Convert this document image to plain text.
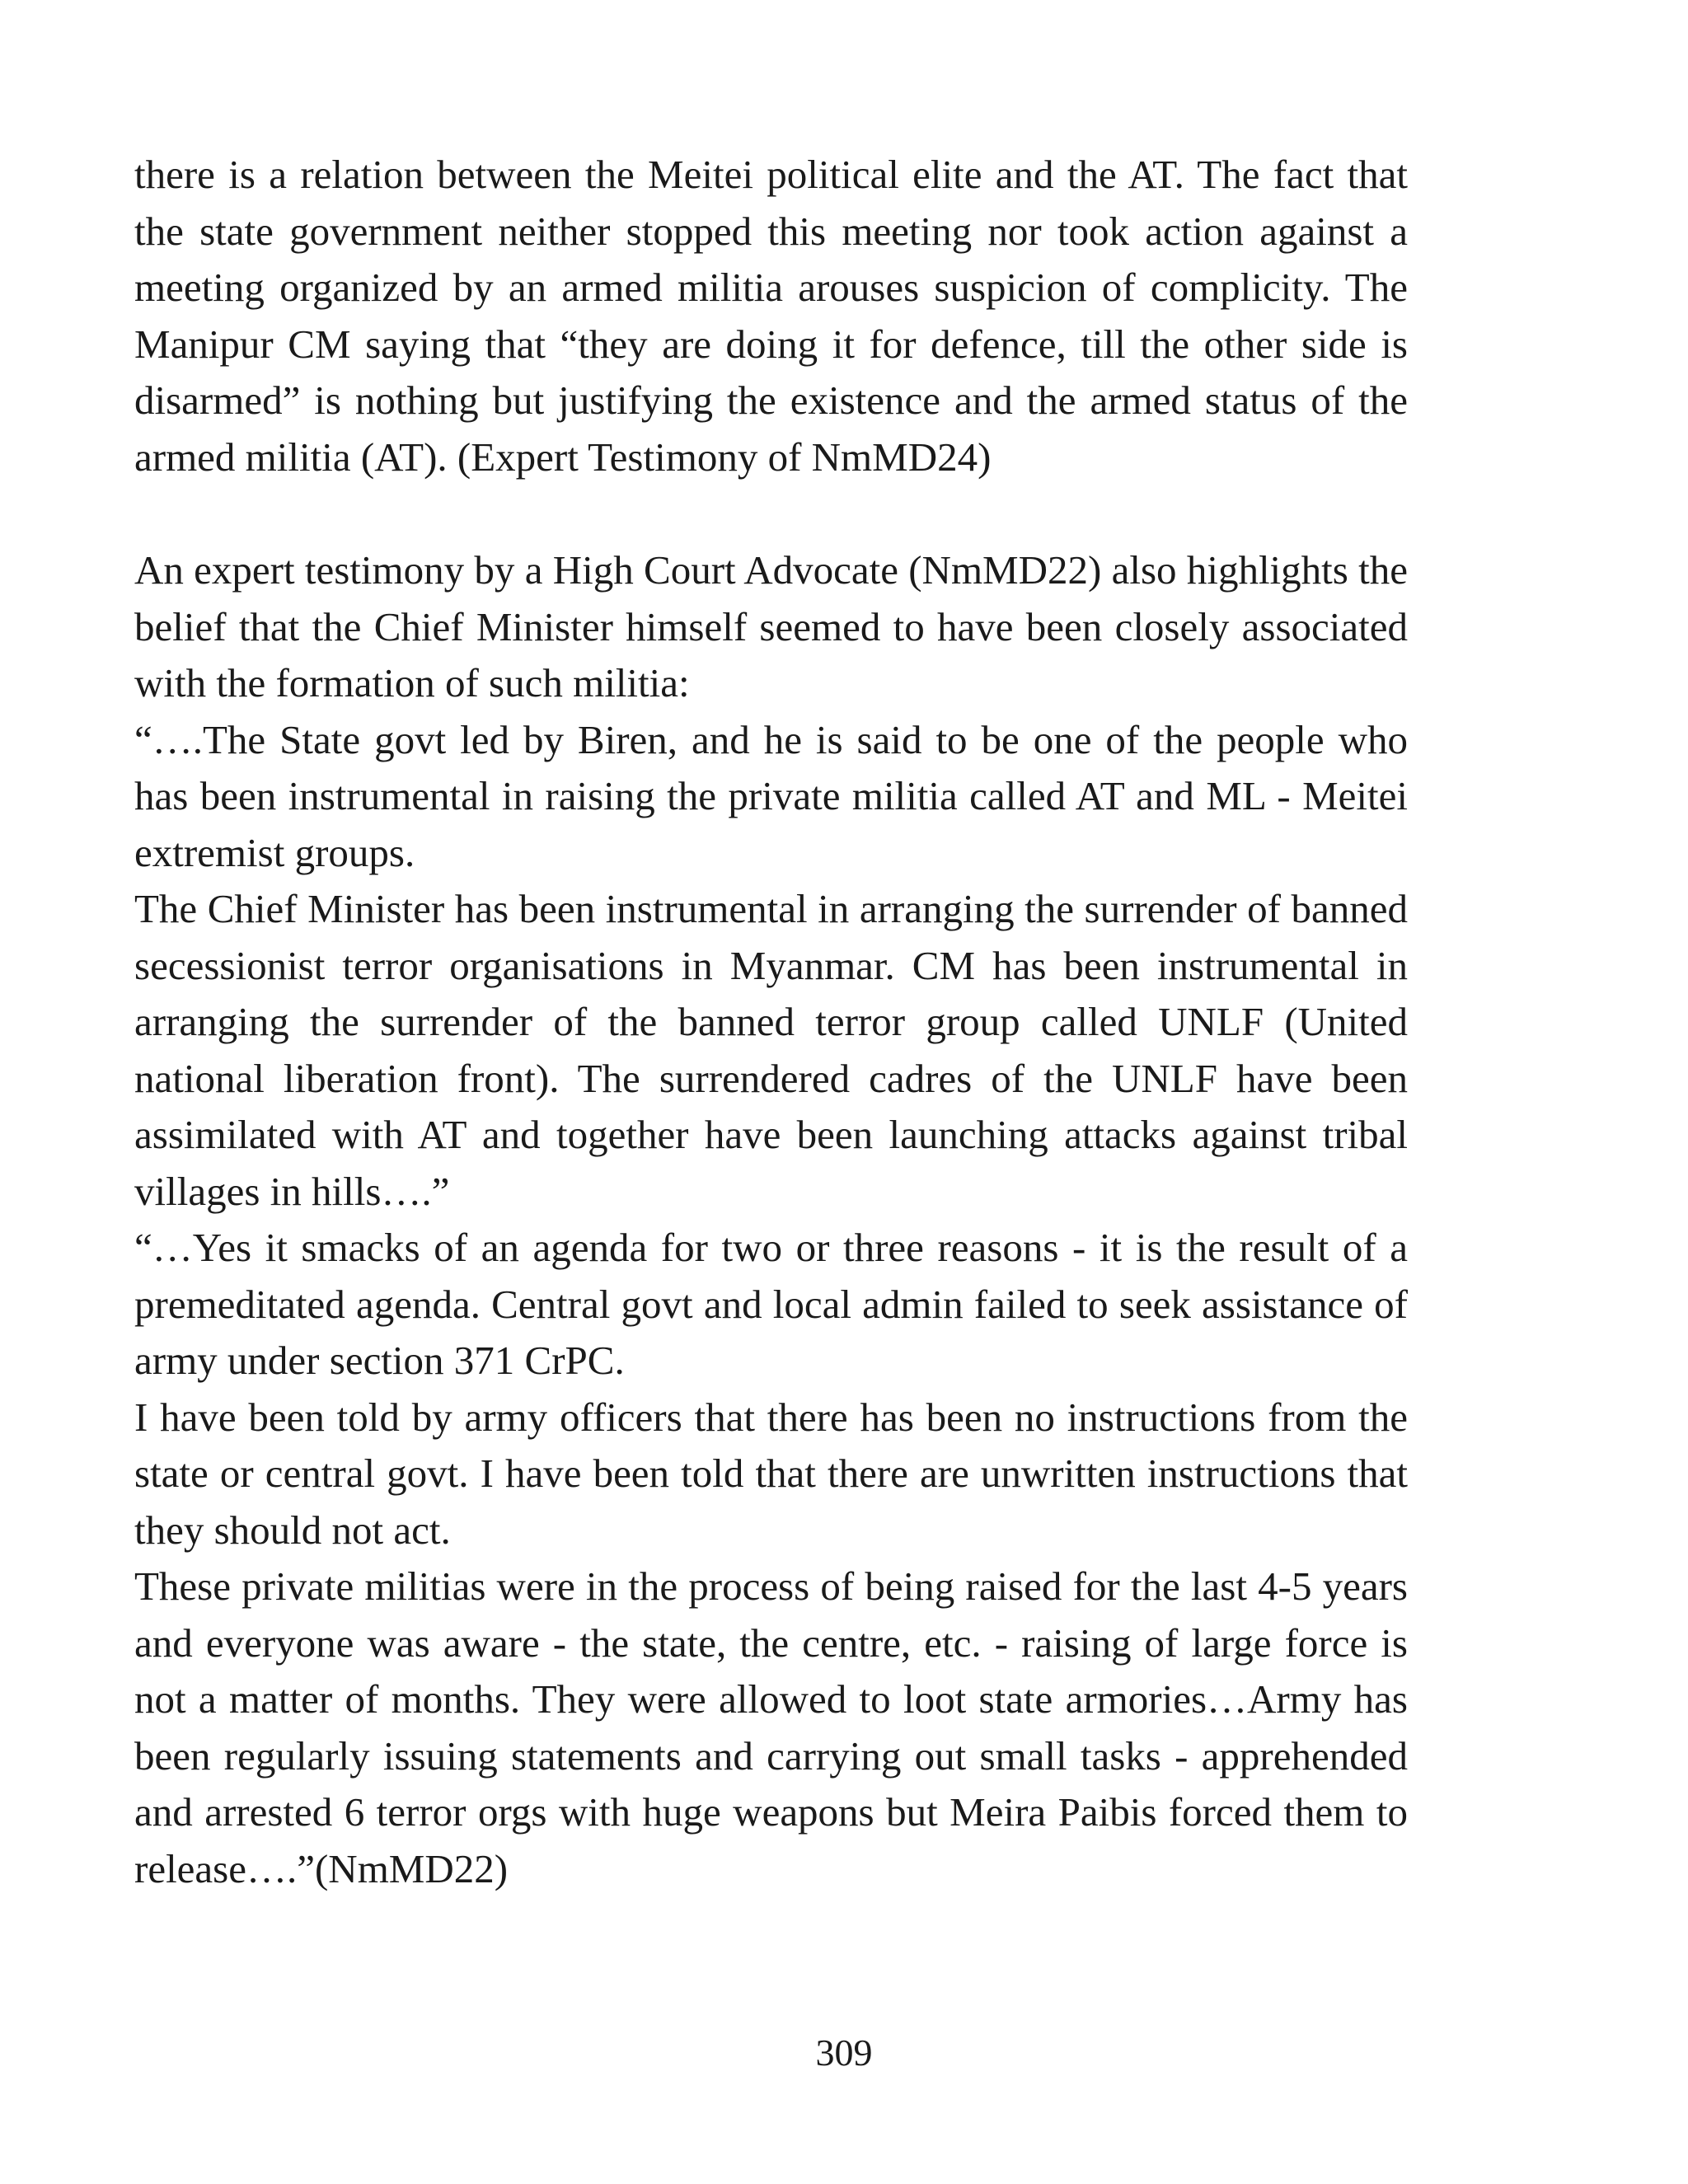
there is a relation between the Meitei political elite and the AT. The fact that the state government neither stopped this meeting nor took action against a meeting organized by an armed militia arouses suspicion of complicity. The Manipur CM saying that “they are doing it for defence, till the other side is disarmed” is nothing but justifying the existence and the armed status of the armed militia (AT). (Expert Testimony of NmMD24)

An expert testimony by a High Court Advocate (NmMD22) also highlights the belief that the Chief Minister himself seemed to have been closely associated with the formation of such militia:

“….The State govt led by Biren, and he is said to be one of the people who has been instrumental in raising the private militia called AT and ML - Meitei extremist groups.

The Chief Minister has been instrumental in arranging the surrender of banned secessionist terror organisations in Myanmar. CM has been instrumental in arranging the surrender of the banned terror group called UNLF (United national liberation front). The surrendered cadres of the UNLF have been assimilated with AT and together have been launching attacks against tribal villages in hills….”

“…Yes it smacks of an agenda for two or three reasons - it is the result of a premeditated agenda. Central govt and local admin failed to seek assistance of army under section 371 CrPC.

I have been told by army officers that there has been no instructions from the state or central govt. I have been told that there are unwritten instructions that they should not act.

These private militias were in the process of being raised for the last 4-5 years and everyone was aware - the state, the centre, etc. - raising of large force is not a matter of months. They were allowed to loot state armories…Army has been regularly issuing statements and carrying out small tasks - apprehended and arrested 6 terror orgs with huge weapons but Meira Paibis forced them to release….”(NmMD22)

309
